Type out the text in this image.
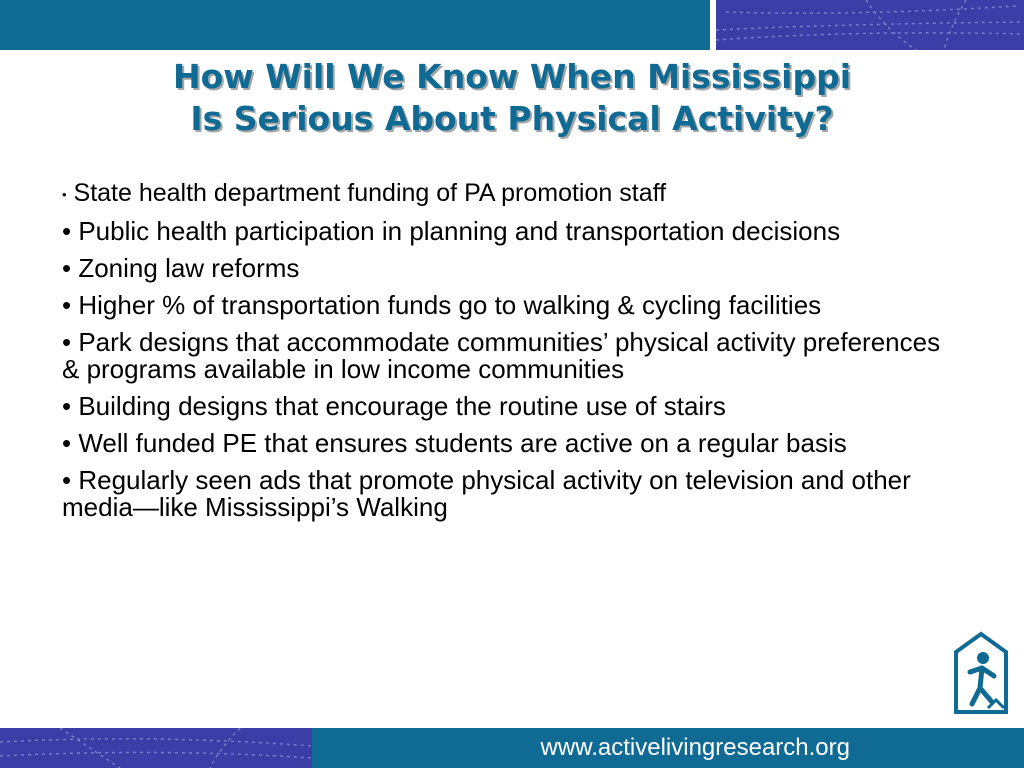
How Will We Know When Mississippi
Is Serious About Physical Activity?
• State health department funding of PA promotion staff
• Public health participation in planning and transportation decisions
• Zoning law reforms
• Higher % of transportation funds go to walking & cycling facilities
• Park designs that accommodate communities’ physical activity preferences & programs available in low income communities
• Building designs that encourage the routine use of stairs
• Well funded PE that ensures students are active on a regular basis
• Regularly seen ads that promote physical activity on television and other media—like Mississippi’s Walking
www.activelivingresearch.org
